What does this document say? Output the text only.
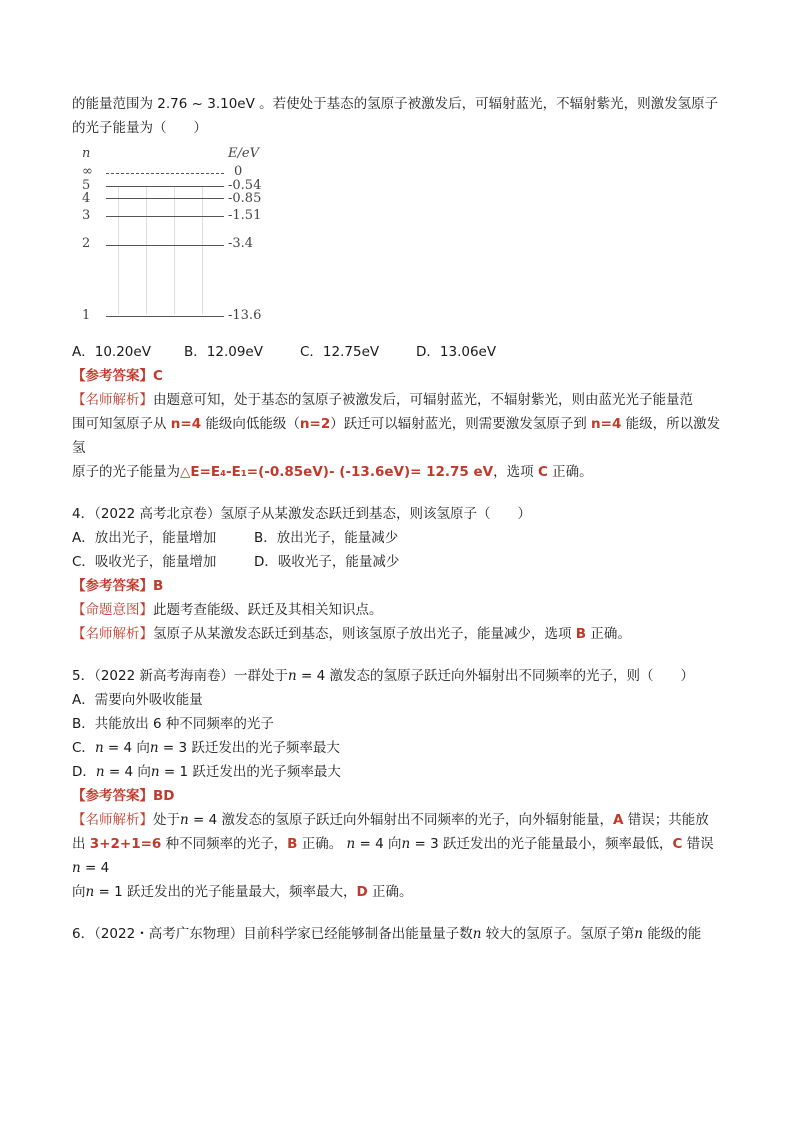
的能量范围为 2.76 ~ 3.10eV 。若使处于基态的氢原子被激发后，可辐射蓝光，不辐射紫光，则激发氢原子

的光子能量为（　　）

n	E/eV
∞	0
5	-0.54
4	-0.85
3	-1.51
2	-3.4
1	-13.6
A．10.20eV	B．12.09eV	C．12.75eV	D．13.06eV

【参考答案】C

【名师解析】由题意可知，处于基态的氢原子被激发后，可辐射蓝光，不辐射紫光，则由蓝光光子能量范
围可知氢原子从 n=4 能级向低能级（n=2）跃迁可以辐射蓝光，则需要激发氢原子到 n=4 能级，所以激发氢
原子的光子能量为△E=E₄-E₁=(-0.85eV)- (-13.6eV)= 12.75 eV，选项 C 正确。

4．（2022 高考北京卷）氢原子从某激发态跃迁到基态，则该氢原子（　　）

A．放出光子，能量增加	B．放出光子，能量减少
C．吸收光子，能量增加	D．吸收光子，能量减少

【参考答案】B

【命题意图】此题考查能级、跃迁及其相关知识点。

【名师解析】氢原子从某激发态跃迁到基态，则该氢原子放出光子，能量减少，选项 B 正确。

5．（2022 新高考海南卷）一群处于n = 4 激发态的氢原子跃迁向外辐射出不同频率的光子，则（　　）

A．需要向外吸收能量

B．共能放出 6 种不同频率的光子

C．n = 4 向n = 3 跃迁发出的光子频率最大

D．n = 4 向n = 1 跃迁发出的光子频率最大

【参考答案】BD

【名师解析】处于n = 4 激发态的氢原子跃迁向外辐射出不同频率的光子，向外辐射能量，A 错误；共能放
出 3+2+1=6 种不同频率的光子，B 正确。 n = 4 向n = 3 跃迁发出的光子能量最小，频率最低，C 错误　n = 4
向n = 1 跃迁发出的光子能量最大，频率最大，D 正确。

6．（2022・高考广东物理）目前科学家已经能够制备出能量量子数n 较大的氢原子。氢原子第n 能级的能
